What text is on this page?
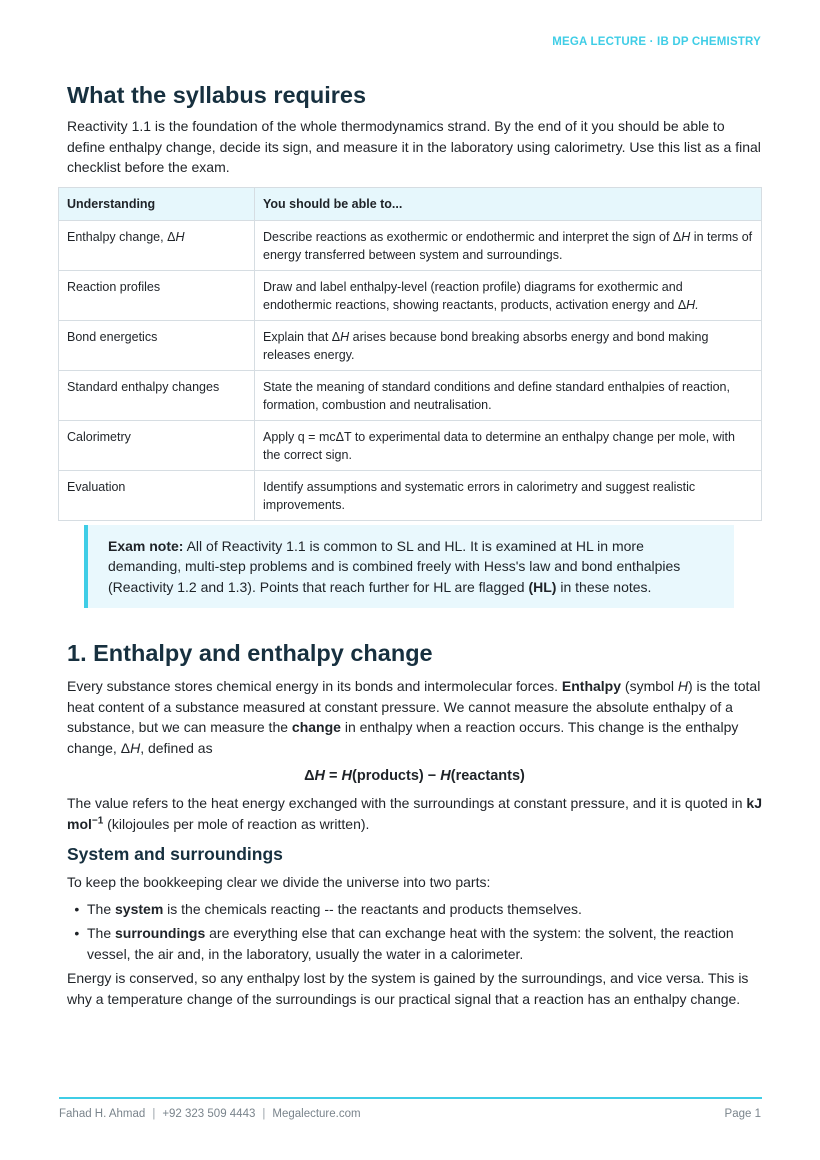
MEGA LECTURE · IB DP CHEMISTRY
What the syllabus requires

Reactivity 1.1 is the foundation of the whole thermodynamics strand. By the end of it you should be able to define enthalpy change, decide its sign, and measure it in the laboratory using calorimetry. Use this list as a final checklist before the exam.

Understanding	You should be able to...
Enthalpy change, ΔH	Describe reactions as exothermic or endothermic and interpret the sign of ΔH in terms of energy transferred between system and surroundings.
Reaction profiles	Draw and label enthalpy-level (reaction profile) diagrams for exothermic and endothermic reactions, showing reactants, products, activation energy and ΔH.
Bond energetics	Explain that ΔH arises because bond breaking absorbs energy and bond making releases energy.
Standard enthalpy changes	State the meaning of standard conditions and define standard enthalpies of reaction, formation, combustion and neutralisation.
Calorimetry	Apply q = mcΔT to experimental data to determine an enthalpy change per mole, with the correct sign.
Evaluation	Identify assumptions and systematic errors in calorimetry and suggest realistic improvements.
Exam note: All of Reactivity 1.1 is common to SL and HL. It is examined at HL in more demanding, multi-step problems and is combined freely with Hess's law and bond enthalpies (Reactivity 1.2 and 1.3). Points that reach further for HL are flagged (HL) in these notes.
1. Enthalpy and enthalpy change

Every substance stores chemical energy in its bonds and intermolecular forces. Enthalpy (symbol H) is the total heat content of a substance measured at constant pressure. We cannot measure the absolute enthalpy of a substance, but we can measure the change in enthalpy when a reaction occurs. This change is the enthalpy change, ΔH, defined as

ΔH = H(products) − H(reactants)

The value refers to the heat energy exchanged with the surroundings at constant pressure, and it is quoted in kJ mol$^{-1}$ (kilojoules per mole of reaction as written).

System and surroundings

To keep the bookkeeping clear we divide the universe into two parts:

• The system is the chemicals reacting -- the reactants and products themselves.
• The surroundings are everything else that can exchange heat with the system: the solvent, the reaction vessel, the air and, in the laboratory, usually the water in a calorimeter.

Energy is conserved, so any enthalpy lost by the system is gained by the surroundings, and vice versa. This is why a temperature change of the surroundings is our practical signal that a reaction has an enthalpy change.

Fahad H. Ahmad | +92 323 509 4443 | Megalecture.com	Page 1
